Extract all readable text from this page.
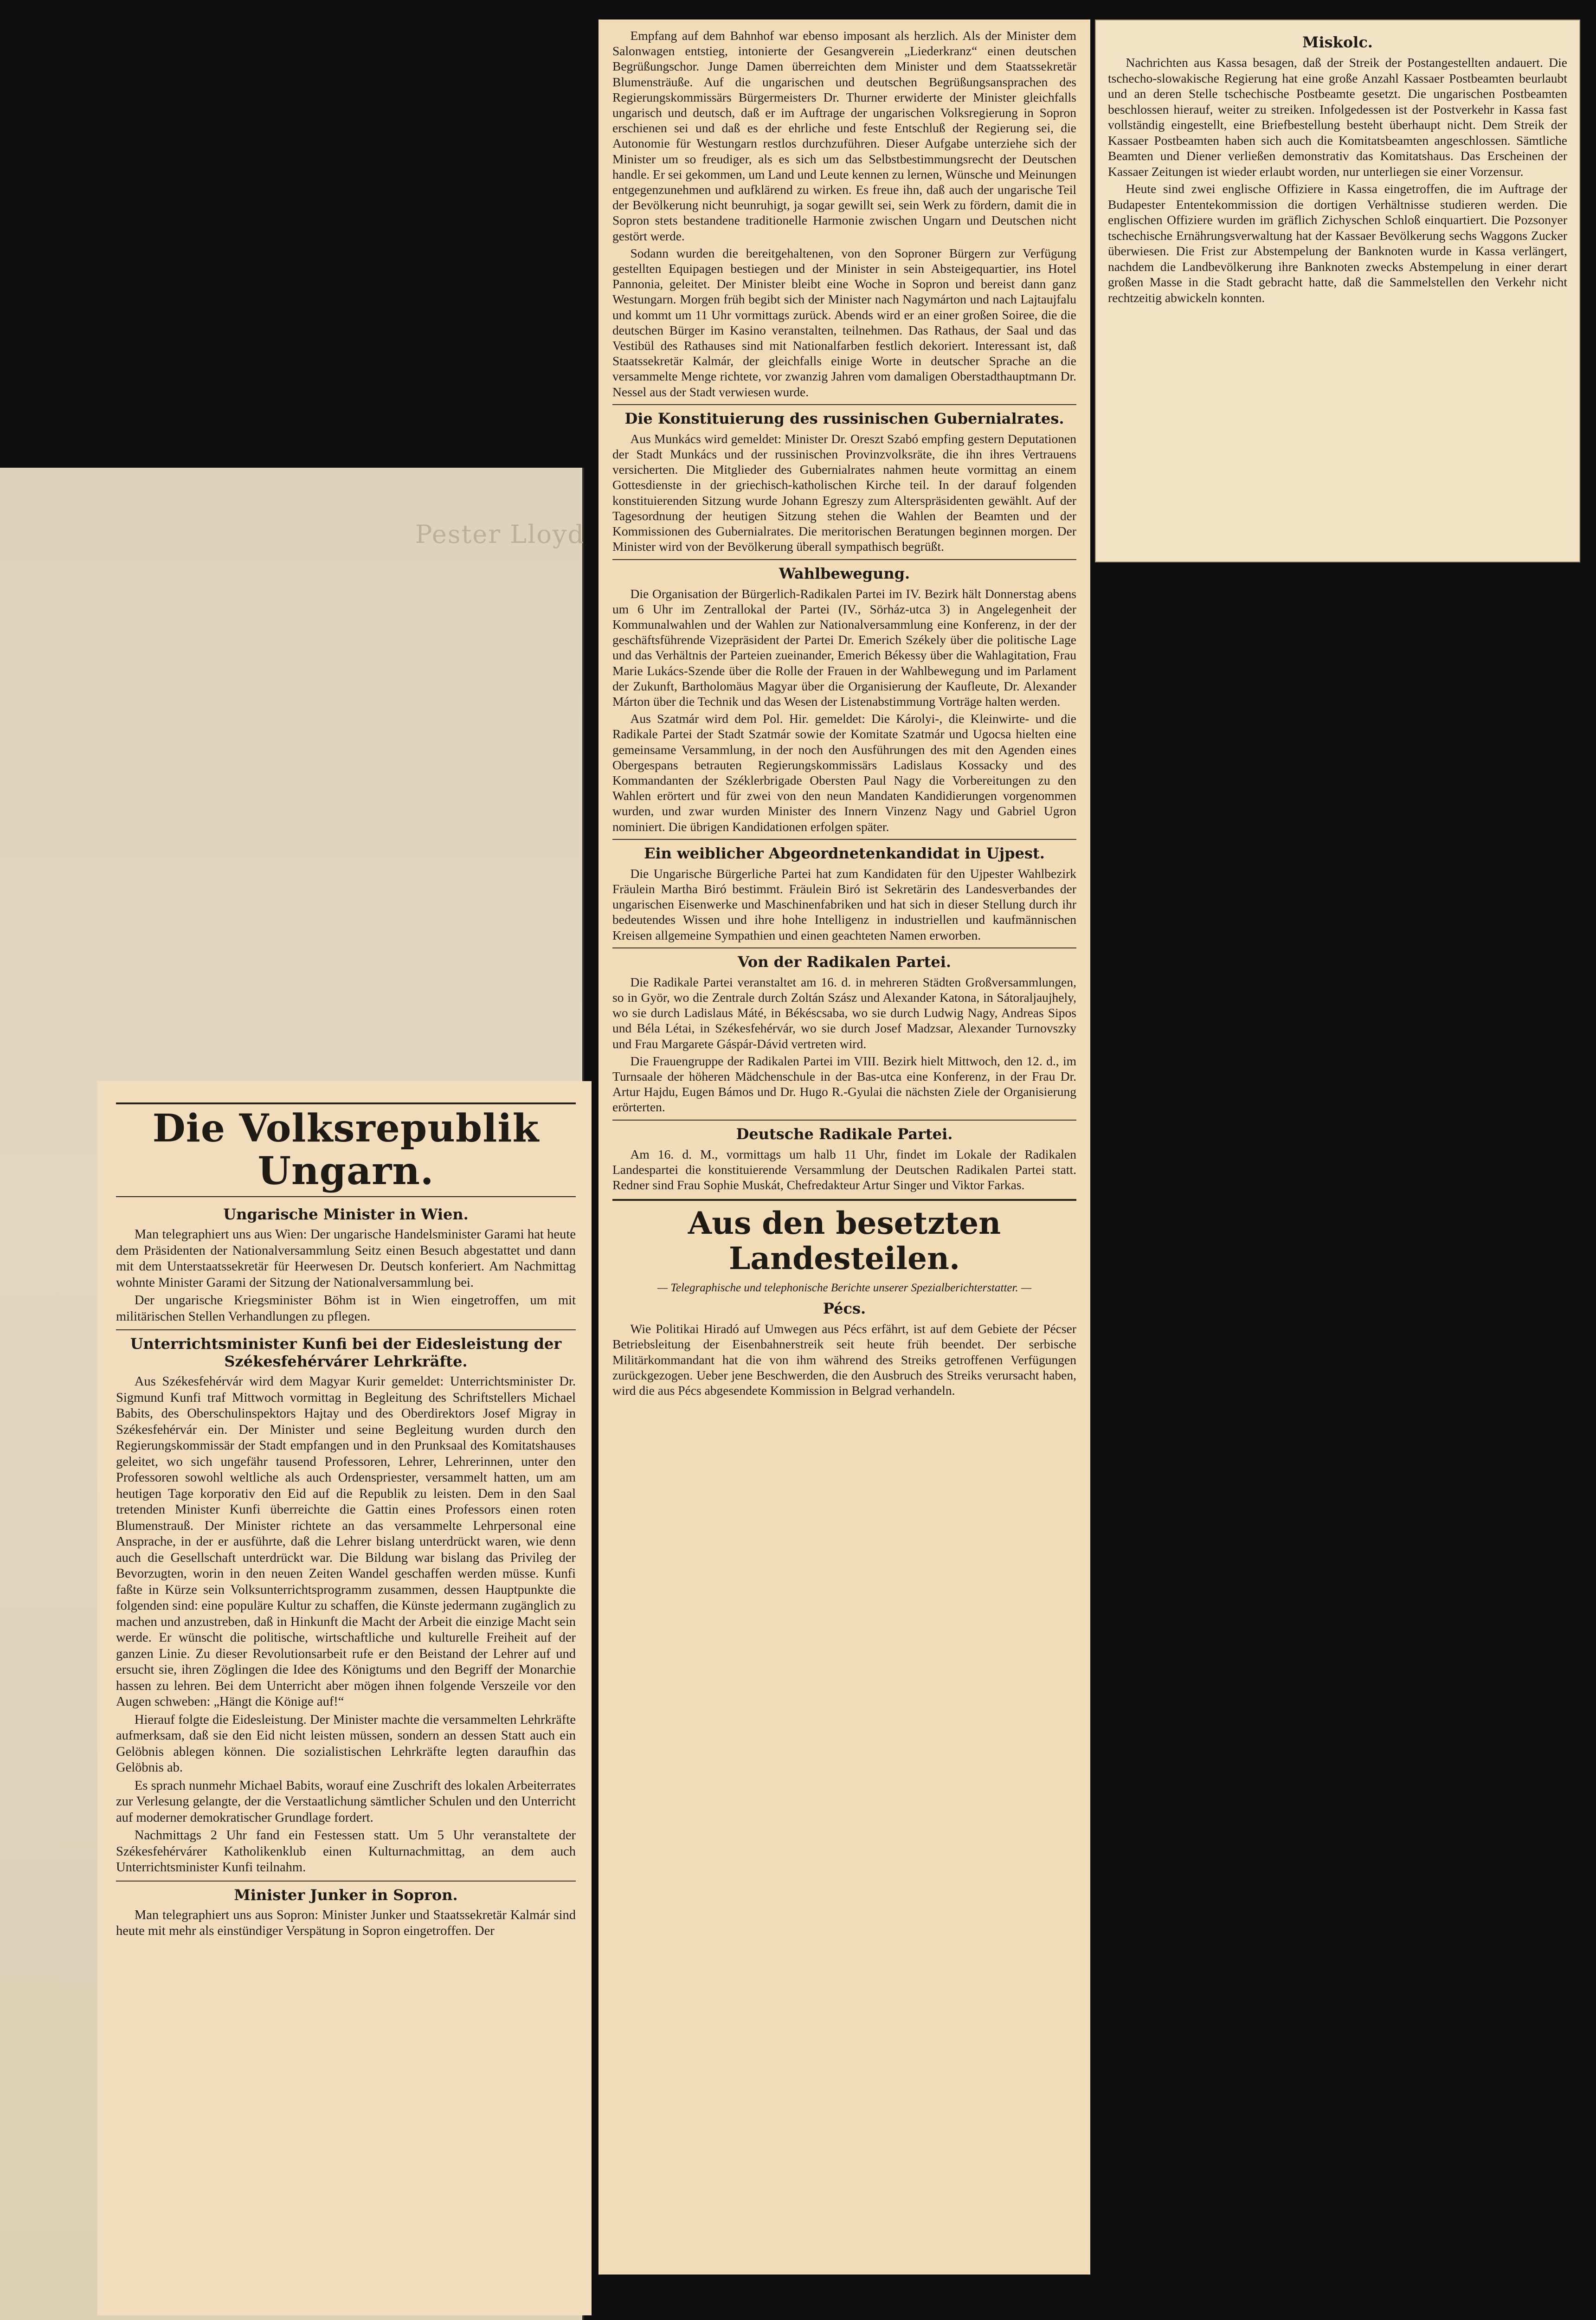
Pester Lloyd
Miskolc.

Nachrichten aus Kassa besagen, daß der Streik der Postangestellten andauert. Die tschecho-slowakische Regierung hat eine große Anzahl Kassaer Postbeamten beurlaubt und an deren Stelle tschechische Postbeamte gesetzt. Die ungarischen Postbeamten beschlossen hierauf, weiter zu streiken. Infolgedessen ist der Postverkehr in Kassa fast vollständig eingestellt, eine Briefbestellung besteht überhaupt nicht. Dem Streik der Kassaer Postbeamten haben sich auch die Komitatsbeamten angeschlossen. Sämtliche Beamten und Diener verließen demonstrativ das Komitatshaus. Das Erscheinen der Kassaer Zeitungen ist wieder erlaubt worden, nur unterliegen sie einer Vorzensur.

Heute sind zwei englische Offiziere in Kassa eingetroffen, die im Auftrage der Budapester Ententekommission die dortigen Verhältnisse studieren werden. Die englischen Offiziere wurden im gräflich Zichyschen Schloß einquartiert. Die Pozsonyer tschechische Ernährungsverwaltung hat der Kassaer Bevölkerung sechs Waggons Zucker überwiesen. Die Frist zur Abstempelung der Banknoten wurde in Kassa verlängert, nachdem die Landbevölkerung ihre Banknoten zwecks Abstempelung in einer derart großen Masse in die Stadt gebracht hatte, daß die Sammelstellen den Verkehr nicht rechtzeitig abwickeln konnten.

Empfang auf dem Bahnhof war ebenso imposant als herzlich. Als der Minister dem Salonwagen entstieg, intonierte der Gesangverein „Liederkranz“ einen deutschen Begrüßungschor. Junge Damen überreichten dem Minister und dem Staatssekretär Blumensträuße. Auf die ungarischen und deutschen Begrüßungsansprachen des Regierungskommissärs Bürgermeisters Dr. Thurner erwiderte der Minister gleichfalls ungarisch und deutsch, daß er im Auftrage der ungarischen Volksregierung in Sopron erschienen sei und daß es der ehrliche und feste Entschluß der Regierung sei, die Autonomie für Westungarn restlos durchzuführen. Dieser Aufgabe unterziehe sich der Minister um so freudiger, als es sich um das Selbstbestimmungsrecht der Deutschen handle. Er sei gekommen, um Land und Leute kennen zu lernen, Wünsche und Meinungen entgegenzunehmen und aufklärend zu wirken. Es freue ihn, daß auch der ungarische Teil der Bevölkerung nicht beunruhigt, ja sogar gewillt sei, sein Werk zu fördern, damit die in Sopron stets bestandene traditionelle Harmonie zwischen Ungarn und Deutschen nicht gestört werde.

Sodann wurden die bereitgehaltenen, von den Soproner Bürgern zur Verfügung gestellten Equipagen bestiegen und der Minister in sein Absteigequartier, ins Hotel Pannonia, geleitet. Der Minister bleibt eine Woche in Sopron und bereist dann ganz Westungarn. Morgen früh begibt sich der Minister nach Nagymárton und nach Lajtaujfalu und kommt um 11 Uhr vormittags zurück. Abends wird er an einer großen Soiree, die die deutschen Bürger im Kasino veranstalten, teilnehmen. Das Rathaus, der Saal und das Vestibül des Rathauses sind mit Nationalfarben festlich dekoriert. Interessant ist, daß Staatssekretär Kalmár, der gleichfalls einige Worte in deutscher Sprache an die versammelte Menge richtete, vor zwanzig Jahren vom damaligen Oberstadthauptmann Dr. Nessel aus der Stadt verwiesen wurde.

Die Konstituierung des russinischen Gubernialrates.

Aus Munkács wird gemeldet: Minister Dr. Oreszt Szabó empfing gestern Deputationen der Stadt Munkács und der russinischen Provinzvolksräte, die ihn ihres Vertrauens versicherten. Die Mitglieder des Gubernialrates nahmen heute vormittag an einem Gottesdienste in der griechisch-katholischen Kirche teil. In der darauf folgenden konstituierenden Sitzung wurde Johann Egreszy zum Alterspräsidenten gewählt. Auf der Tagesordnung der heutigen Sitzung stehen die Wahlen der Beamten und der Kommissionen des Gubernialrates. Die meritorischen Beratungen beginnen morgen. Der Minister wird von der Bevölkerung überall sympathisch begrüßt.

Wahlbewegung.

Die Organisation der Bürgerlich-Radikalen Partei im IV. Bezirk hält Donnerstag abens um 6 Uhr im Zentrallokal der Partei (IV., Sörház-utca 3) in Angelegenheit der Kommunalwahlen und der Wahlen zur Nationalversammlung eine Konferenz, in der der geschäftsführende Vizepräsident der Partei Dr. Emerich Székely über die politische Lage und das Verhältnis der Parteien zueinander, Emerich Békessy über die Wahlagitation, Frau Marie Lukács-Szende über die Rolle der Frauen in der Wahlbewegung und im Parlament der Zukunft, Bartholomäus Magyar über die Organisierung der Kaufleute, Dr. Alexander Márton über die Technik und das Wesen der Listenabstimmung Vorträge halten werden.

Aus Szatmár wird dem Pol. Hir. gemeldet: Die Károlyi-, die Kleinwirte- und die Radikale Partei der Stadt Szatmár sowie der Komitate Szatmár und Ugocsa hielten eine gemeinsame Versammlung, in der noch den Ausführungen des mit den Agenden eines Obergespans betrauten Regierungskommissärs Ladislaus Kossacky und des Kommandanten der Széklerbrigade Obersten Paul Nagy die Vorbereitungen zu den Wahlen erörtert und für zwei von den neun Mandaten Kandidierungen vorgenommen wurden, und zwar wurden Minister des Innern Vinzenz Nagy und Gabriel Ugron nominiert. Die übrigen Kandidationen erfolgen später.

Ein weiblicher Abgeordnetenkandidat in Ujpest.

Die Ungarische Bürgerliche Partei hat zum Kandidaten für den Ujpester Wahlbezirk Fräulein Martha Biró bestimmt. Fräulein Biró ist Sekretärin des Landesverbandes der ungarischen Eisenwerke und Maschinenfabriken und hat sich in dieser Stellung durch ihr bedeutendes Wissen und ihre hohe Intelligenz in industriellen und kaufmännischen Kreisen allgemeine Sympathien und einen geachteten Namen erworben.

Von der Radikalen Partei.

Die Radikale Partei veranstaltet am 16. d. in mehreren Städten Großversammlungen, so in Györ, wo die Zentrale durch Zoltán Szász und Alexander Katona, in Sátoraljaujhely, wo sie durch Ladislaus Máté, in Békéscsaba, wo sie durch Ludwig Nagy, Andreas Sipos und Béla Létai, in Székesfehérvár, wo sie durch Josef Madzsar, Alexander Turnovszky und Frau Margarete Gáspár-Dávid vertreten wird.

Die Frauengruppe der Radikalen Partei im VIII. Bezirk hielt Mittwoch, den 12. d., im Turnsaale der höheren Mädchenschule in der Bas-utca eine Konferenz, in der Frau Dr. Artur Hajdu, Eugen Bámos und Dr. Hugo R.-Gyulai die nächsten Ziele der Organisierung erörterten.

Deutsche Radikale Partei.

Am 16. d. M., vormittags um halb 11 Uhr, findet im Lokale der Radikalen Landespartei die konstituierende Versammlung der Deutschen Radikalen Partei statt. Redner sind Frau Sophie Muskát, Chefredakteur Artur Singer und Viktor Farkas.

Aus den besetzten Landesteilen.
— Telegraphische und telephonische Berichte unserer Spezialberichterstatter. —
Pécs.

Wie Politikai Hiradó auf Umwegen aus Pécs erfährt, ist auf dem Gebiete der Pécser Betriebsleitung der Eisenbahnerstreik seit heute früh beendet. Der serbische Militärkommandant hat die von ihm während des Streiks getroffenen Verfügungen zurückgezogen. Ueber jene Beschwerden, die den Ausbruch des Streiks verursacht haben, wird die aus Pécs abgesendete Kommission in Belgrad verhandeln.

Die Volksrepublik Ungarn.
Ungarische Minister in Wien.

Man telegraphiert uns aus Wien: Der ungarische Handelsminister Garami hat heute dem Präsidenten der Nationalversammlung Seitz einen Besuch abgestattet und dann mit dem Unterstaatssekretär für Heerwesen Dr. Deutsch konferiert. Am Nachmittag wohnte Minister Garami der Sitzung der Nationalversammlung bei.

Der ungarische Kriegsminister Böhm ist in Wien eingetroffen, um mit militärischen Stellen Verhandlungen zu pflegen.

Unterrichtsminister Kunfi bei der Eidesleistung der Székesfehérvárer Lehrkräfte.

Aus Székesfehérvár wird dem Magyar Kurir gemeldet: Unterrichtsminister Dr. Sigmund Kunfi traf Mittwoch vormittag in Begleitung des Schriftstellers Michael Babits, des Oberschulinspektors Hajtay und des Oberdirektors Josef Migray in Székesfehérvár ein. Der Minister und seine Begleitung wurden durch den Regierungskommissär der Stadt empfangen und in den Prunksaal des Komitatshauses geleitet, wo sich ungefähr tausend Professoren, Lehrer, Lehrerinnen, unter den Professoren sowohl weltliche als auch Ordenspriester, versammelt hatten, um am heutigen Tage korporativ den Eid auf die Republik zu leisten. Dem in den Saal tretenden Minister Kunfi überreichte die Gattin eines Professors einen roten Blumenstrauß. Der Minister richtete an das versammelte Lehrpersonal eine Ansprache, in der er ausführte, daß die Lehrer bislang unterdrückt waren, wie denn auch die Gesellschaft unterdrückt war. Die Bildung war bislang das Privileg der Bevorzugten, worin in den neuen Zeiten Wandel geschaffen werden müsse. Kunfi faßte in Kürze sein Volksunterrichtsprogramm zusammen, dessen Hauptpunkte die folgenden sind: eine populäre Kultur zu schaffen, die Künste jedermann zugänglich zu machen und anzustreben, daß in Hinkunft die Macht der Arbeit die einzige Macht sein werde. Er wünscht die politische, wirtschaftliche und kulturelle Freiheit auf der ganzen Linie. Zu dieser Revolutionsarbeit rufe er den Beistand der Lehrer auf und ersucht sie, ihren Zöglingen die Idee des Königtums und den Begriff der Monarchie hassen zu lehren. Bei dem Unterricht aber mögen ihnen folgende Verszeile vor den Augen schweben: „Hängt die Könige auf!“

Hierauf folgte die Eidesleistung. Der Minister machte die versammelten Lehrkräfte aufmerksam, daß sie den Eid nicht leisten müssen, sondern an dessen Statt auch ein Gelöbnis ablegen können. Die sozialistischen Lehrkräfte legten daraufhin das Gelöbnis ab.

Es sprach nunmehr Michael Babits, worauf eine Zuschrift des lokalen Arbeiterrates zur Verlesung gelangte, der die Verstaatlichung sämtlicher Schulen und den Unterricht auf moderner demokratischer Grundlage fordert.

Nachmittags 2 Uhr fand ein Festessen statt. Um 5 Uhr veranstaltete der Székesfehérvárer Katholikenklub einen Kulturnachmittag, an dem auch Unterrichtsminister Kunfi teilnahm.

Minister Junker in Sopron.

Man telegraphiert uns aus Sopron: Minister Junker und Staatssekretär Kalmár sind heute mit mehr als einstündiger Verspätung in Sopron eingetroffen. Der
